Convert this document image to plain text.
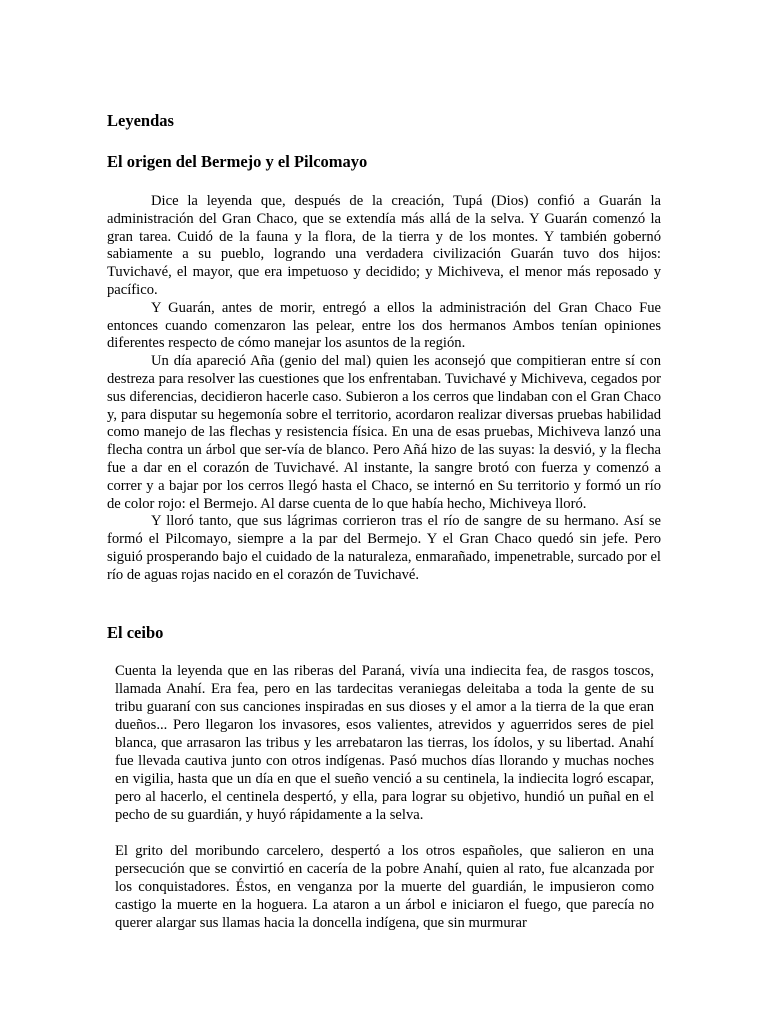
Leyendas
El origen del Bermejo y el Pilcomayo

Dice la leyenda que, después de la creación, Tupá (Dios) confió a Guarán la administración del Gran Chaco, que se extendía más allá de la selva. Y Guarán comenzó la gran tarea. Cuidó de la fauna y la flora, de la tierra y de los montes. Y también gobernó sabiamente a su pueblo, logrando una verdadera civilización Guarán tuvo dos hijos: Tuvichavé, el mayor, que era impetuoso y decidido; y Michiveva, el menor más reposado y pacífico.

Y Guarán, antes de morir, entregó a ellos la administración del Gran Chaco Fue entonces cuando comenzaron las pelear, entre los dos hermanos Ambos tenían opiniones diferentes respecto de cómo manejar los asuntos de la región.

Un día apareció Aña (genio del mal) quien les aconsejó que compitieran entre sí con destreza para resolver las cuestiones que los enfrentaban. Tuvichavé y Michiveva, cegados por sus diferencias, decidieron hacerle caso. Subieron a los cerros que lindaban con el Gran Chaco y, para disputar su hegemonía sobre el territorio, acordaron realizar diversas pruebas habilidad como manejo de las flechas y resistencia física. En una de esas pruebas, Michiveva lanzó una flecha contra un árbol que ser-vía de blanco. Pero Añá hizo de las suyas: la desvió, y la flecha fue a dar en el corazón de Tuvichavé. Al instante, la sangre brotó con fuerza y comenzó a correr y a bajar por los cerros llegó hasta el Chaco, se internó en Su territorio y formó un río de color rojo: el Bermejo. Al darse cuenta de lo que había hecho, Michiveya lloró.

Y lloró tanto, que sus lágrimas corrieron tras el río de sangre de su hermano. Así se formó el Pilcomayo, siempre a la par del Bermejo. Y el Gran Chaco quedó sin jefe. Pero siguió prosperando bajo el cuidado de la naturaleza, enmarañado, impenetrable, surcado por el río de aguas rojas nacido en el corazón de Tuvichavé.

El ceibo

Cuenta la leyenda que en las riberas del Paraná, vivía una indiecita fea, de rasgos toscos, llamada Anahí. Era fea, pero en las tardecitas veraniegas deleitaba a toda la gente de su tribu guaraní con sus canciones inspiradas en sus dioses y el amor a la tierra de la que eran dueños... Pero llegaron los invasores, esos valientes, atrevidos y aguerridos seres de piel blanca, que arrasaron las tribus y les arrebataron las tierras, los ídolos, y su libertad. Anahí fue llevada cautiva junto con otros indígenas. Pasó muchos días llorando y muchas noches en vigilia, hasta que un día en que el sueño venció a su centinela, la indiecita logró escapar, pero al hacerlo, el centinela despertó, y ella, para lograr su objetivo, hundió un puñal en el pecho de su guardián, y huyó rápidamente a la selva.

El grito del moribundo carcelero, despertó a los otros españoles, que salieron en una persecución que se convirtió en cacería de la pobre Anahí, quien al rato, fue alcanzada por los conquistadores. Éstos, en venganza por la muerte del guardián, le impusieron como castigo la muerte en la hoguera. La ataron a un árbol e iniciaron el fuego, que parecía no querer alargar sus llamas hacia la doncella indígena, que sin murmurar
